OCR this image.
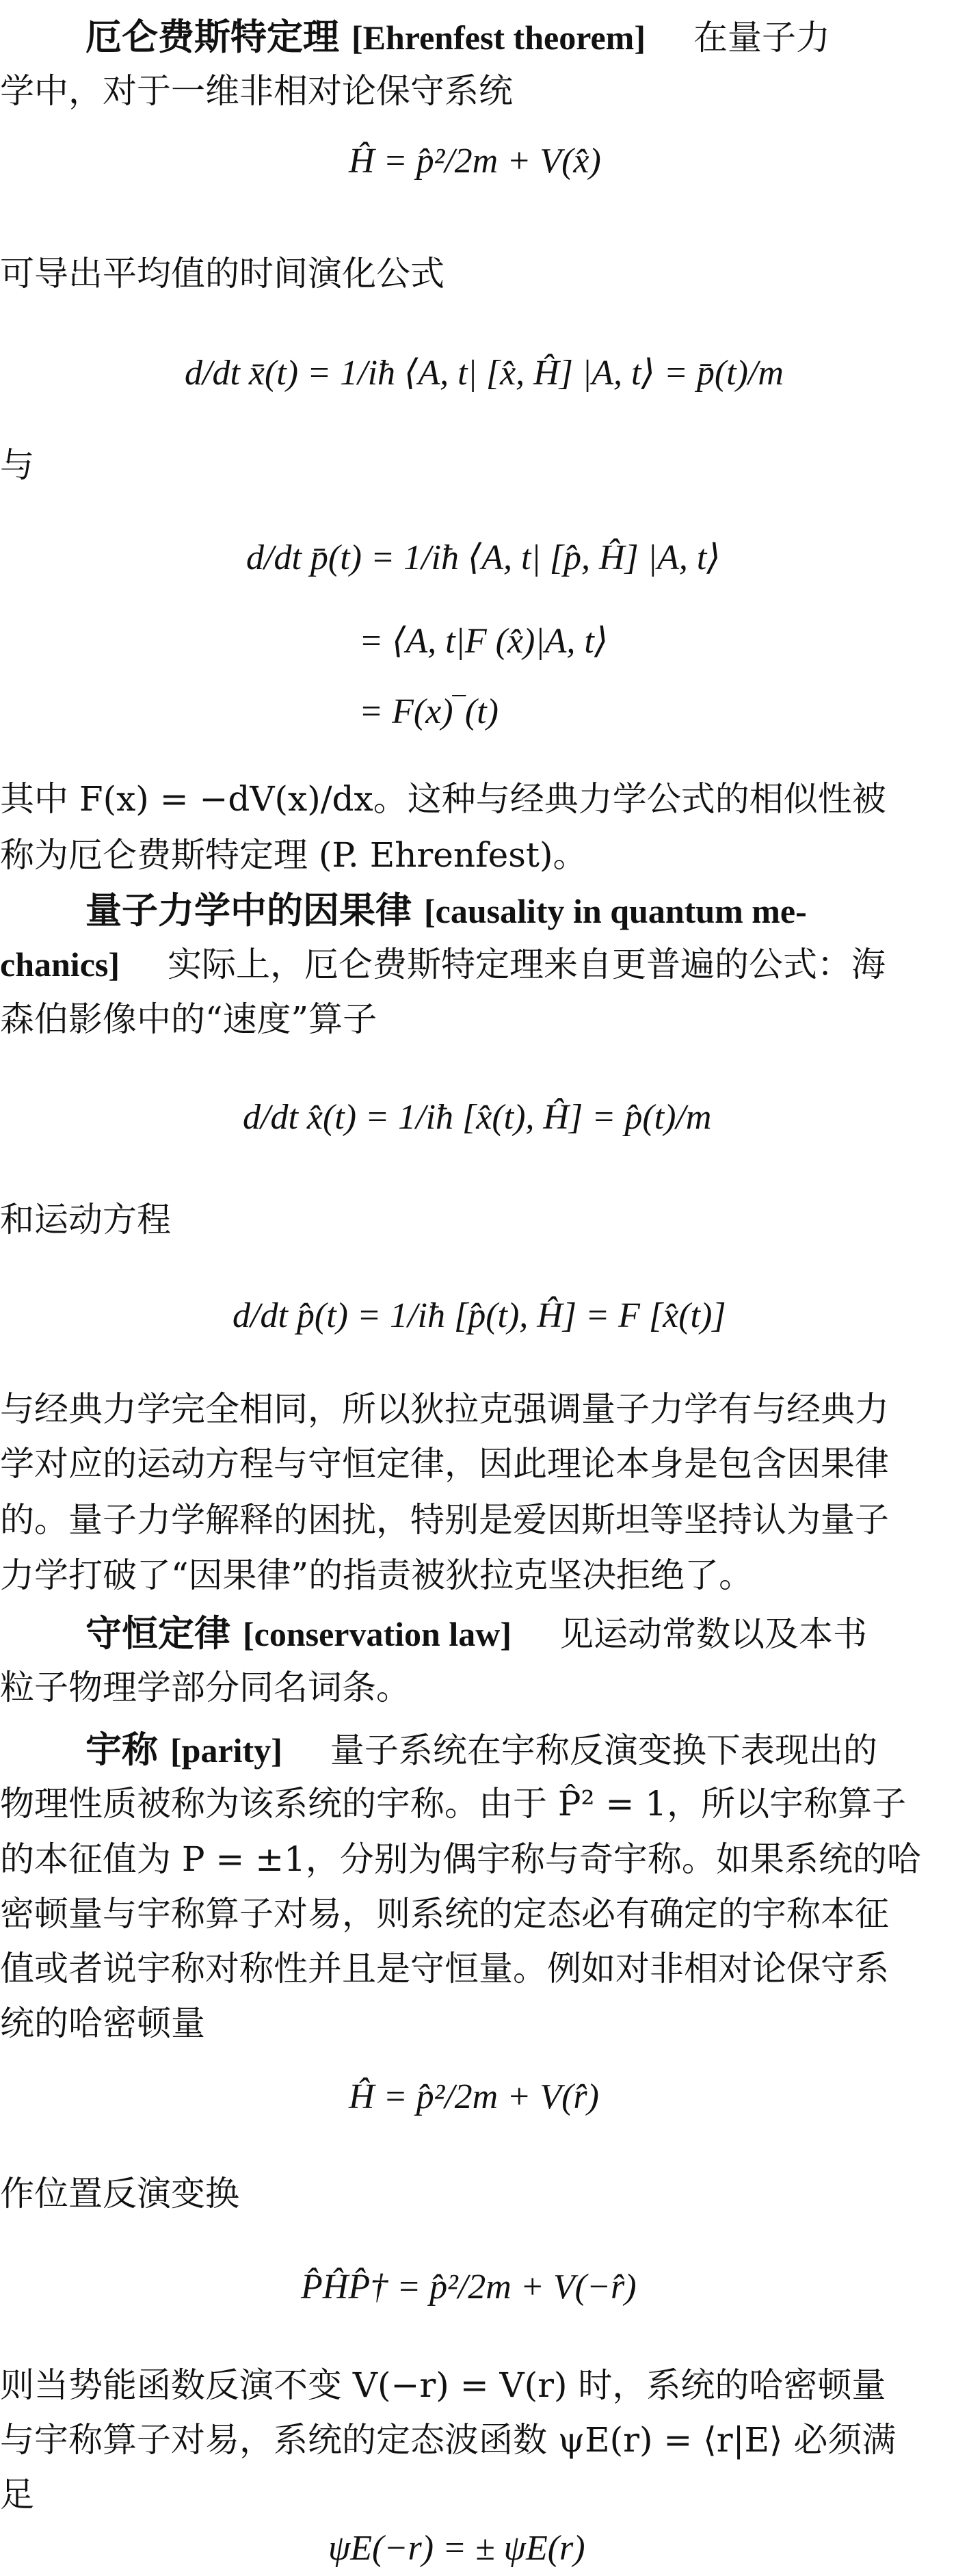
厄仑费斯特定理 [Ehrenfest theorem] 在量子力
学中，对于一维非相对论保守系统
Ĥ = p̂²/2m + V(x̂)
可导出平均值的时间演化公式
d/dt x̄(t) = 1/iħ ⟨A, t| [x̂, Ĥ] |A, t⟩ = p̄(t)/m
与
d/dt p̄(t) = 1/iħ ⟨A, t| [p̂, Ĥ] |A, t⟩
= ⟨A, t|F (x̂)|A, t⟩
= F(x)‾(t)
其中 F(x) = −dV(x)/dx。这种与经典力学公式的相似性被
称为厄仑费斯特定理 (P. Ehrenfest)。
量子力学中的因果律 [causality in quantum me-
chanics] 实际上，厄仑费斯特定理来自更普遍的公式：海
森伯影像中的“速度”算子
d/dt x̂(t) = 1/iħ [x̂(t), Ĥ] = p̂(t)/m
和运动方程
d/dt p̂(t) = 1/iħ [p̂(t), Ĥ] = F [x̂(t)]
与经典力学完全相同，所以狄拉克强调量子力学有与经典力
学对应的运动方程与守恒定律，因此理论本身是包含因果律
的。量子力学解释的困扰，特别是爱因斯坦等坚持认为量子
力学打破了“因果律”的指责被狄拉克坚决拒绝了。
守恒定律 [conservation law] 见运动常数以及本书
粒子物理学部分同名词条。
宇称 [parity] 量子系统在宇称反演变换下表现出的
物理性质被称为该系统的宇称。由于 P̂² = 1，所以宇称算子
的本征值为 P = ±1，分别为偶宇称与奇宇称。如果系统的哈
密顿量与宇称算子对易，则系统的定态必有确定的宇称本征
值或者说宇称对称性并且是守恒量。例如对非相对论保守系
统的哈密顿量
Ĥ = p̂²/2m + V(r̂)
作位置反演变换
P̂ĤP̂† = p̂²/2m + V(−r̂)
则当势能函数反演不变 V(−r) = V(r) 时，系统的哈密顿量
与宇称算子对易，系统的定态波函数 ψE(r) = ⟨r|E⟩ 必须满
足
ψE(−r) = ± ψE(r)
